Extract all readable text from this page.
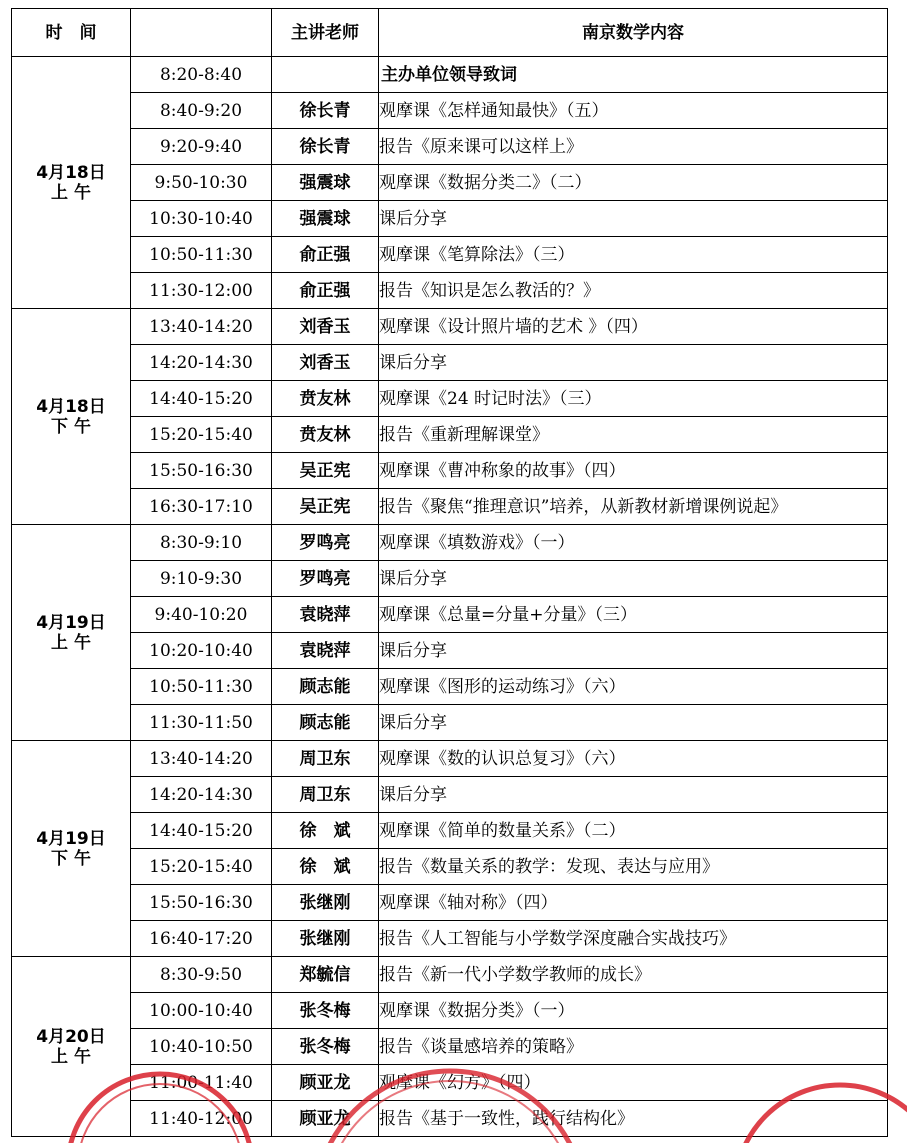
时　间		主讲老师	南京数学内容

4月18日
上 午	8:20-8:40		主办单位领导致词
	8:40-9:20	徐长青	观摩课《怎样通知最快》（五）
	9:20-9:40	徐长青	报告《原来课可以这样上》
	9:50-10:30	强震球	观摩课《数据分类二》（二）
	10:30-10:40	强震球	课后分享
	10:50-11:30	俞正强	观摩课《笔算除法》（三）
	11:30-12:00	俞正强	报告《知识是怎么教活的？》

4月18日
下 午	13:40-14:20	刘香玉	观摩课《设计照片墙的艺术 》（四）
	14:20-14:30	刘香玉	课后分享
	14:40-15:20	贲友林	观摩课《24 时记时法》（三）
	15:20-15:40	贲友林	报告《重新理解课堂》
	15:50-16:30	吴正宪	观摩课《曹冲称象的故事》（四）
	16:30-17:10	吴正宪	报告《聚焦“推理意识”培养，从新教材新增课例说起》

4月19日
上 午	8:30-9:10	罗鸣亮	观摩课《填数游戏》（一）
	9:10-9:30	罗鸣亮	课后分享
	9:40-10:20	袁晓萍	观摩课《总量=分量+分量》（三）
	10:20-10:40	袁晓萍	课后分享
	10:50-11:30	顾志能	观摩课《图形的运动练习》（六）
	11:30-11:50	顾志能	课后分享

4月19日
下 午	13:40-14:20	周卫东	观摩课《数的认识总复习》（六）
	14:20-14:30	周卫东	课后分享
	14:40-15:20	徐　斌	观摩课《简单的数量关系》（二）
	15:20-15:40	徐　斌	报告《数量关系的教学：发现、表达与应用》
	15:50-16:30	张继刚	观摩课《轴对称》（四）
	16:40-17:20	张继刚	报告《人工智能与小学数学深度融合实战技巧》

4月20日
上 午	8:30-9:50	郑毓信	报告《新一代小学数学教师的成长》
	10:00-10:40	张冬梅	观摩课《数据分类》（一）
	10:40-10:50	张冬梅	报告《谈量感培养的策略》
	11:00-11:40	顾亚龙	观摩课《幻方》（四）
	11:40-12:00	顾亚龙	报告《基于一致性，践行结构化》
